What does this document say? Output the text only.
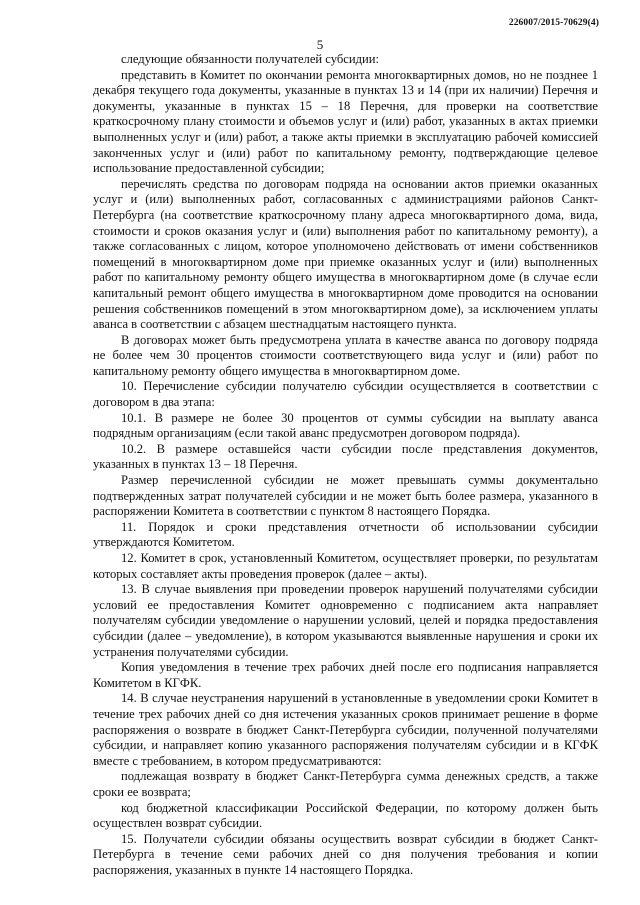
226007/2015-70629(4)
5

следующие обязанности получателей субсидии:

представить в Комитет по окончании ремонта многоквартирных домов, но не позднее 1 декабря текущего года документы, указанные в пунктах 13 и 14 (при их наличии) Перечня и документы, указанные в пунктах 15 – 18 Перечня, для проверки на соответствие краткосрочному плану стоимости и объемов услуг и (или) работ, указанных в актах приемки выполненных услуг и (или) работ, а также акты приемки в эксплуатацию рабочей комиссией законченных услуг и (или) работ по капитальному ремонту, подтверждающие целевое использование предоставленной субсидии;

перечислять средства по договорам подряда на основании актов приемки оказанных услуг и (или) выполненных работ, согласованных с администрациями районов Санкт-Петербурга (на соответствие краткосрочному плану адреса многоквартирного дома, вида, стоимости и сроков оказания услуг и (или) выполнения работ по капитальному ремонту), а также согласованных с лицом, которое уполномочено действовать от имени собственников помещений в многоквартирном доме при приемке оказанных услуг и (или) выполненных работ по капитальному ремонту общего имущества в многоквартирном доме (в случае если капитальный ремонт общего имущества в многоквартирном доме проводится на основании решения собственников помещений в этом многоквартирном доме), за исключением уплаты аванса в соответствии с абзацем шестнадцатым настоящего пункта.

В договорах может быть предусмотрена уплата в качестве аванса по договору подряда не более чем 30 процентов стоимости соответствующего вида услуг и (или) работ по капитальному ремонту общего имущества в многоквартирном доме.

10. Перечисление субсидии получателю субсидии осуществляется в соответствии с договором в два этапа:

10.1. В размере не более 30 процентов от суммы субсидии на выплату аванса подрядным организациям (если такой аванс предусмотрен договором подряда).

10.2. В размере оставшейся части субсидии после представления документов, указанных в пунктах 13 – 18 Перечня.

Размер перечисленной субсидии не может превышать суммы документально подтвержденных затрат получателей субсидии и не может быть более размера, указанного в распоряжении Комитета в соответствии с пунктом 8 настоящего Порядка.

11. Порядок и сроки представления отчетности об использовании субсидии утверждаются Комитетом.

12. Комитет в срок, установленный Комитетом, осуществляет проверки, по результатам которых составляет акты проведения проверок (далее – акты).

13. В случае выявления при проведении проверок нарушений получателями субсидии условий ее предоставления Комитет одновременно с подписанием акта направляет получателям субсидии уведомление о нарушении условий, целей и порядка предоставления субсидии (далее – уведомление), в котором указываются выявленные нарушения и сроки их устранения получателями субсидии.

Копия уведомления в течение трех рабочих дней после его подписания направляется Комитетом в КГФК.

14. В случае неустранения нарушений в установленные в уведомлении сроки Комитет в течение трех рабочих дней со дня истечения указанных сроков принимает решение в форме распоряжения о возврате в бюджет Санкт-Петербурга субсидии, полученной получателями субсидии, и направляет копию указанного распоряжения получателям субсидии и в КГФК вместе с требованием, в котором предусматриваются:

подлежащая возврату в бюджет Санкт-Петербурга сумма денежных средств, а также сроки ее возврата;

код бюджетной классификации Российской Федерации, по которому должен быть осуществлен возврат субсидии.

15. Получатели субсидии обязаны осуществить возврат субсидии в бюджет Санкт-Петербурга в течение семи рабочих дней со дня получения требования и копии распоряжения, указанных в пункте 14 настоящего Порядка.
